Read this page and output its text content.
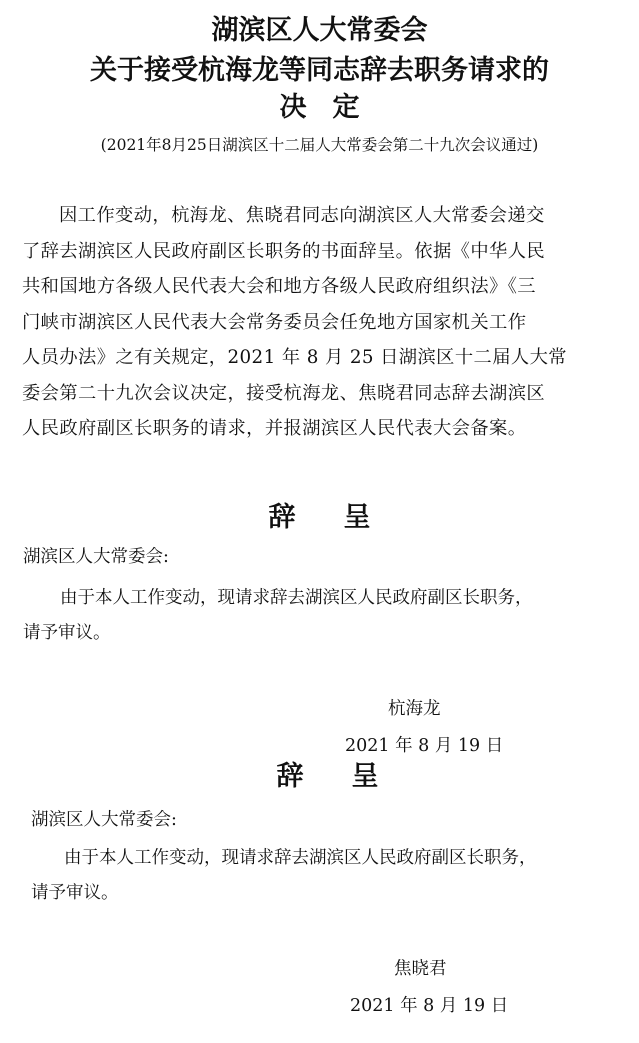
湖滨区人大常委会
关于接受杭海龙等同志辞去职务请求的
决定
(2021年8月25日湖滨区十二届人大常委会第二十九次会议通过)
因工作变动，杭海龙、焦晓君同志向湖滨区人大常委会递交
了辞去湖滨区人民政府副区长职务的书面辞呈。依据《中华人民
共和国地方各级人民代表大会和地方各级人民政府组织法》《三
门峡市湖滨区人民代表大会常务委员会任免地方国家机关工作
人员办法》之有关规定，2021 年 8 月 25 日湖滨区十二届人大常
委会第二十九次会议决定，接受杭海龙、焦晓君同志辞去湖滨区
人民政府副区长职务的请求，并报湖滨区人民代表大会备案。
辞呈
湖滨区人大常委会:
由于本人工作变动，现请求辞去湖滨区人民政府副区长职务，
请予审议。
杭海龙
2021 年 8 月 19 日
辞呈
湖滨区人大常委会:
由于本人工作变动，现请求辞去湖滨区人民政府副区长职务，
请予审议。
焦晓君
2021 年 8 月 19 日
